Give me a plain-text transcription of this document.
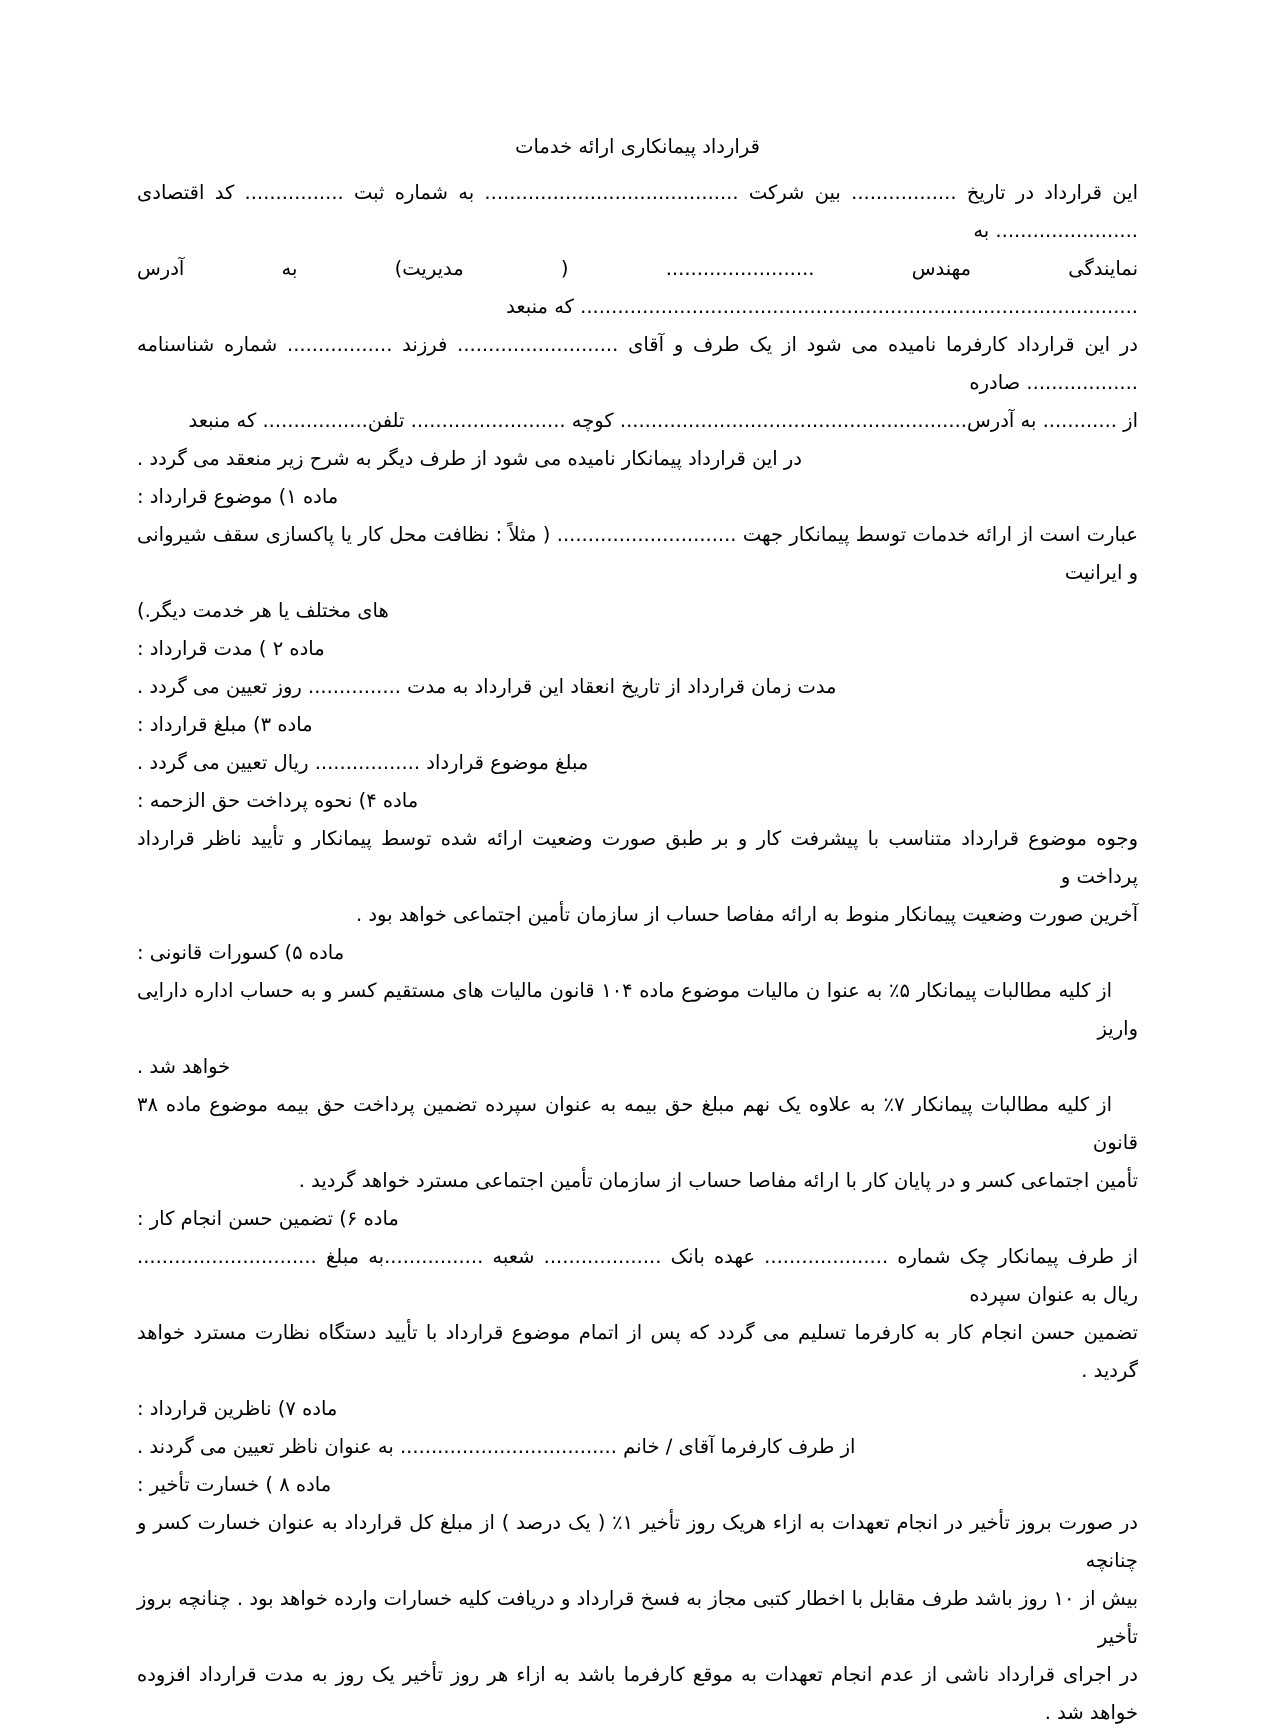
قرارداد پیمانکاری ارائه خدمات

این قرارداد در تاریخ ................. بین شرکت ......................................... به شماره ثبت ................ کد اقتصادی ....................... به

نمایندگی مهندس ........................ ( مدیریت) به آدرس .......................................................................................... که منبعد

در این قرارداد کارفرما نامیده می شود از یک طرف و آقای .......................... فرزند ................. شماره شناسنامه .................. صادره

از ............ به آدرس........................................................ کوچه ......................... تلفن................. که منبعد

در این قرارداد پیمانکار نامیده می شود از طرف دیگر به شرح زیر منعقد می گردد .

ماده ۱) موضوع قرارداد :

عبارت است از ارائه خدمات توسط پیمانکار جهت ............................. ( مثلاً : نظافت محل کار یا پاکسازی سقف شیروانی و ایرانیت

های مختلف یا هر خدمت دیگر.)

ماده ۲ ) مدت قرارداد :

مدت زمان قرارداد از تاریخ انعقاد این قرارداد به مدت ............... روز تعیین می گردد .

ماده ۳) مبلغ قرارداد :

مبلغ موضوع قرارداد ................. ریال تعیین می گردد .

ماده ۴) نحوه پرداخت حق الزحمه :

وجوه موضوع قرارداد متناسب با پیشرفت کار و بر طبق صورت وضعیت ارائه شده توسط پیمانکار و تأیید ناظر قرارداد پرداخت و

آخرین صورت وضعیت پیمانکار منوط به ارائه مفاصا حساب از سازمان تأمین اجتماعی خواهد بود .

ماده ۵) کسورات قانونی :

از کلیه مطالبات پیمانکار ۵٪ به عنوا ن مالیات موضوع ماده ۱۰۴ قانون مالیات های مستقیم کسر و به حساب اداره دارایی واریز

خواهد شد .

از کلیه مطالبات پیمانکار ۷٪ به علاوه یک نهم مبلغ حق بیمه به عنوان سپرده تضمین پرداخت حق بیمه موضوع ماده ۳۸ قانون

تأمین اجتماعی کسر و در پایان کار با ارائه مفاصا حساب از سازمان تأمین اجتماعی مسترد خواهد گردید .

ماده ۶) تضمین حسن انجام کار :

از طرف پیمانکار چک شماره .................... عهده بانک ................... شعبه ................به مبلغ ............................. ریال به عنوان سپرده

تضمین حسن انجام کار به کارفرما تسلیم می گردد که پس از اتمام موضوع قرارداد با تأیید دستگاه نظارت مسترد خواهد گردید .

ماده ۷) ناظرین قرارداد :

از طرف کارفرما آقای / خانم ................................... به عنوان ناظر تعیین می گردند .

ماده ۸ ) خسارت تأخیر :

در صورت بروز تأخیر در انجام تعهدات به ازاء هریک روز تأخیر ۱٪ ( یک درصد ) از مبلغ کل قرارداد به عنوان خسارت کسر و چنانچه

بیش از ۱۰ روز باشد طرف مقابل با اخطار کتبی مجاز به فسخ قرارداد و دریافت کلیه خسارات وارده خواهد بود . چنانچه بروز تأخیر

در اجرای قرارداد ناشی از عدم انجام تعهدات به موقع کارفرما باشد به ازاء هر روز تأخیر یک روز به مدت قرارداد افزوده خواهد شد .
